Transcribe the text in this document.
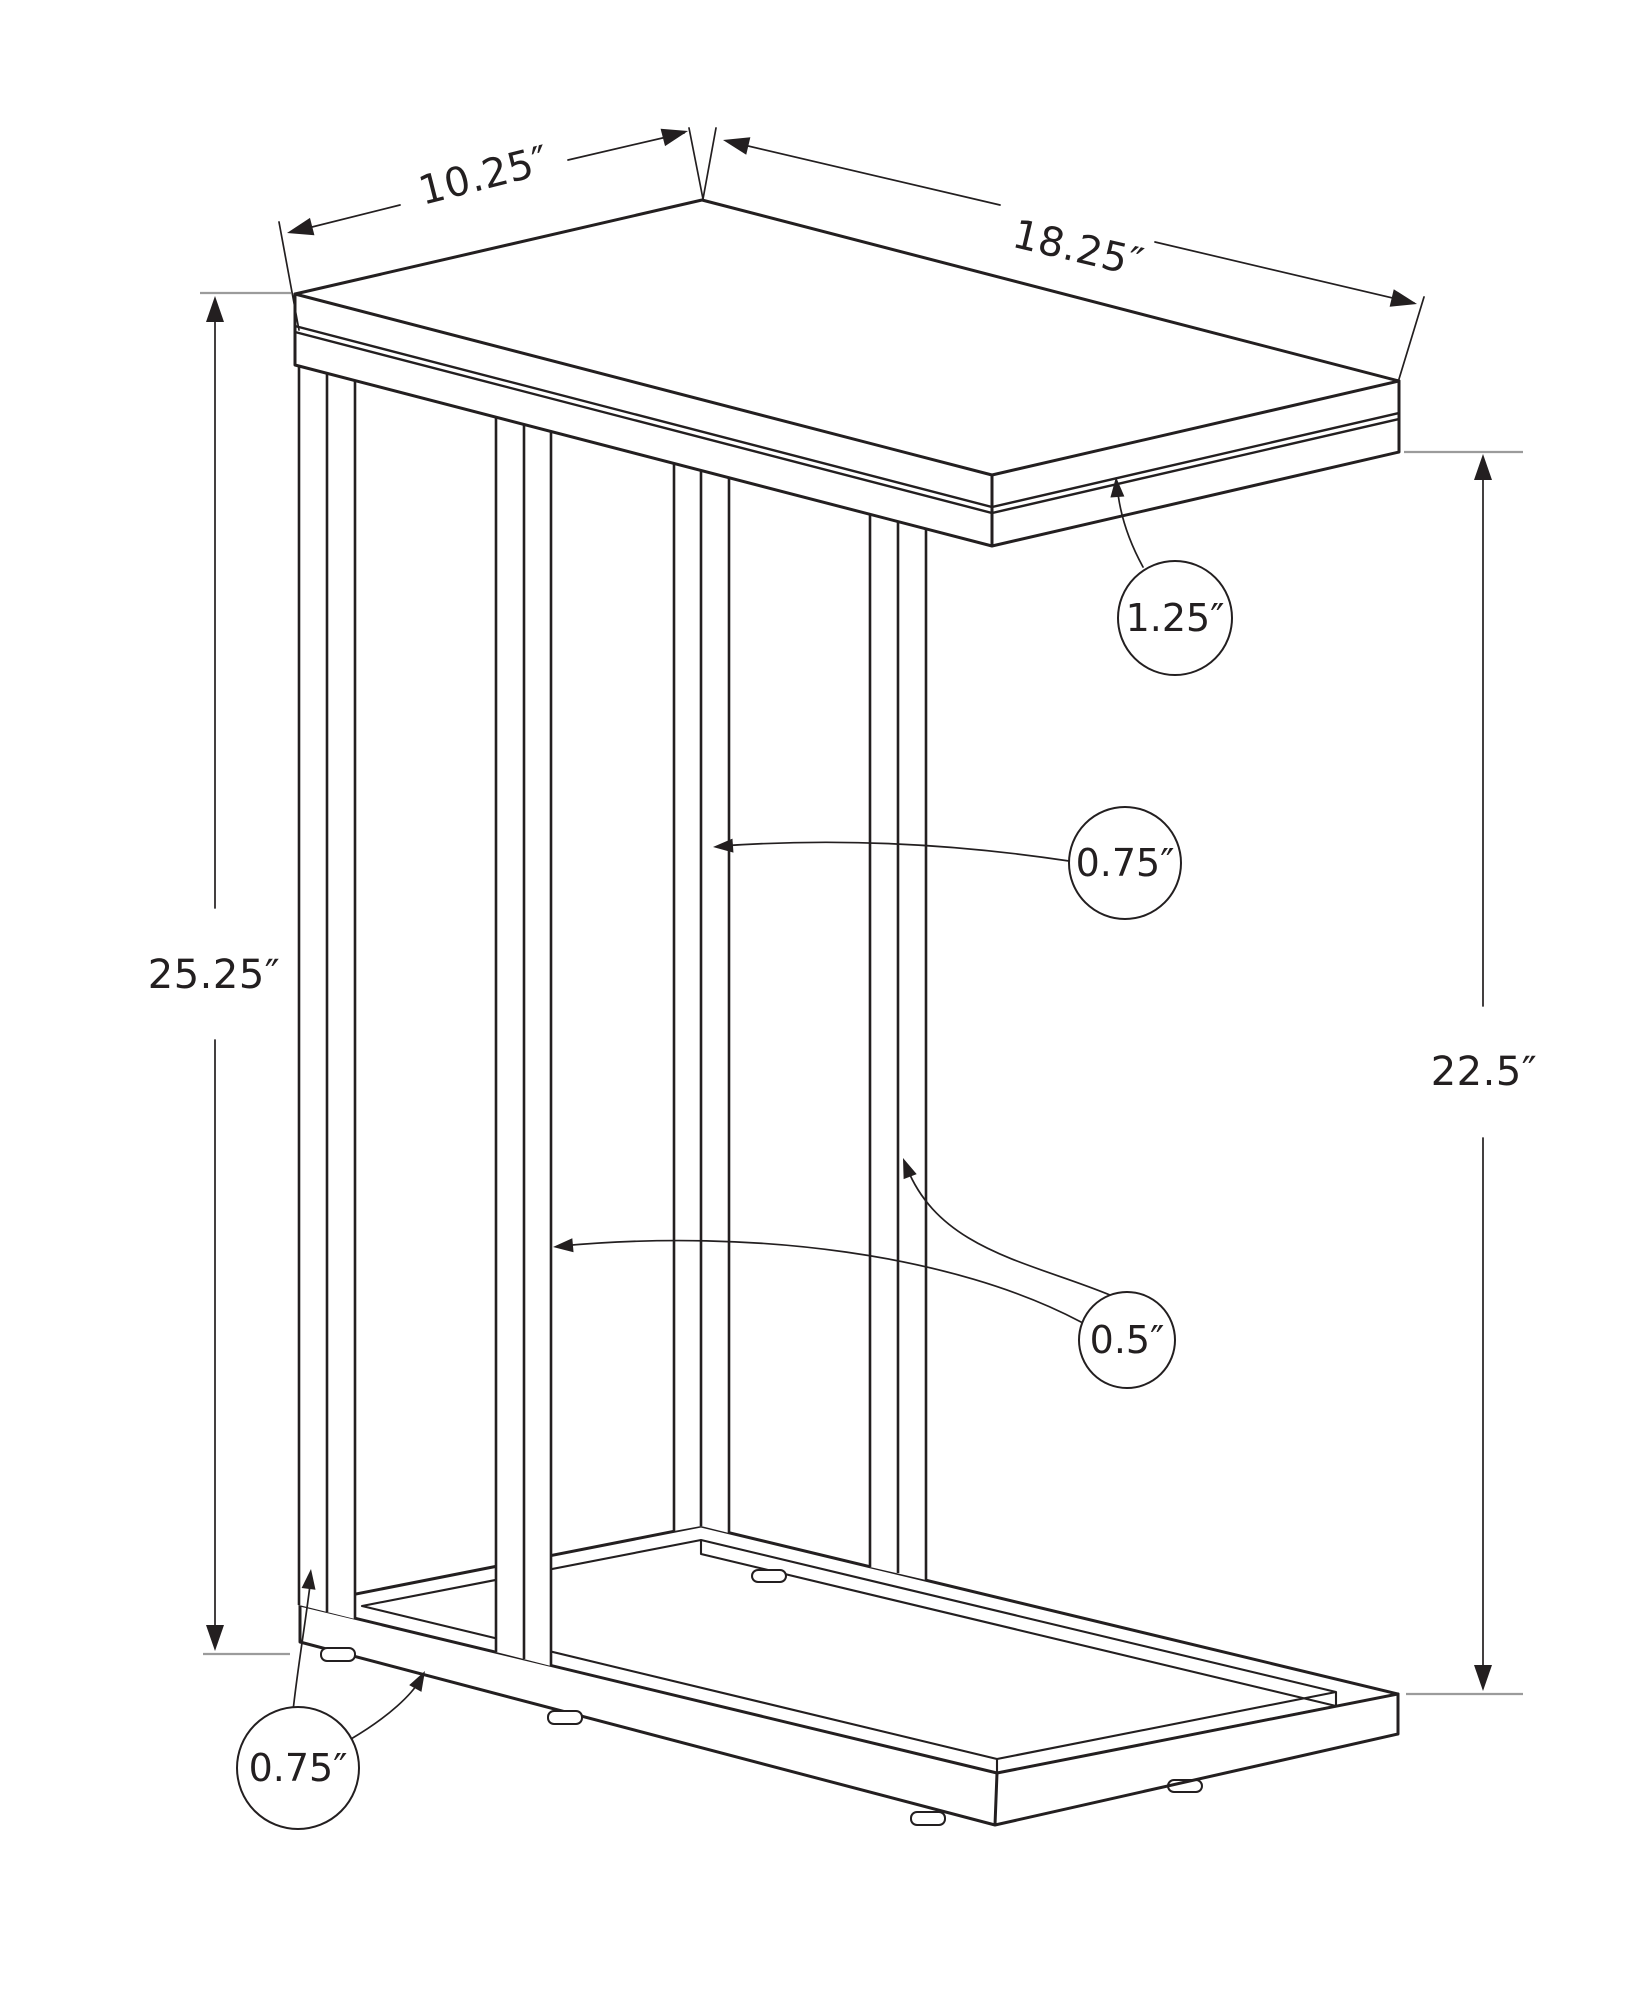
10.25″
18.25″
25.25″
22.5″
1.25″
0.75″
0.5″
0.75″
